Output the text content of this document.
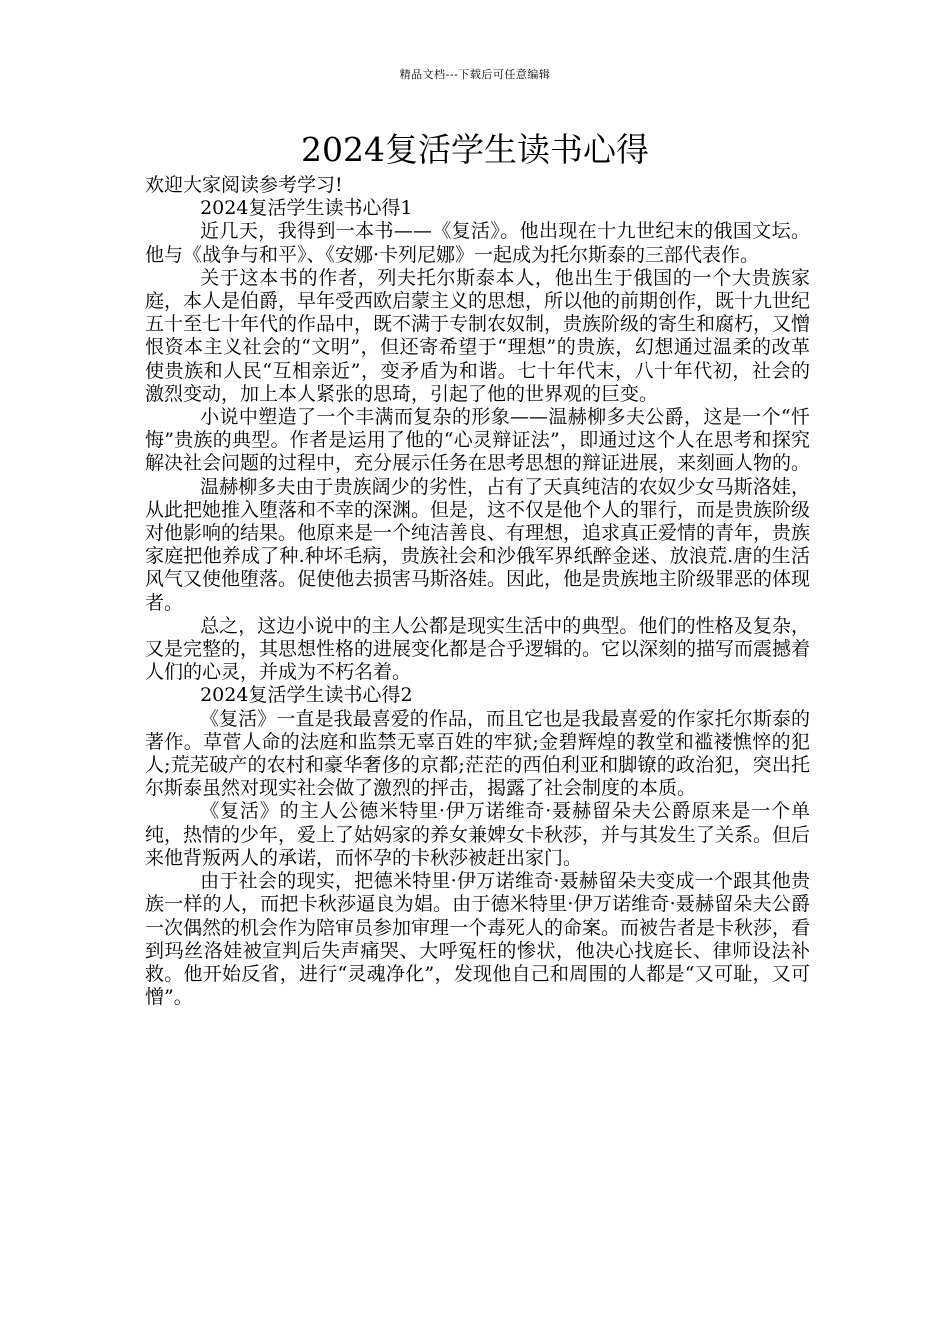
精品文档---下载后可任意编辑
2024复活学生读书心得

欢迎大家阅读参考学习!

2024复活学生读书心得1

近几天，我得到一本书——《复活》。他出现在十九世纪末的俄国文坛。他与《战争与和平》、《安娜·卡列尼娜》一起成为托尔斯泰的三部代表作。

关于这本书的作者，列夫托尔斯泰本人，他出生于俄国的一个大贵族家庭，本人是伯爵，早年受西欧启蒙主义的思想，所以他的前期创作，既十九世纪五十至七十年代的作品中，既不满于专制农奴制，贵族阶级的寄生和腐朽，又憎恨资本主义社会的“文明”，但还寄希望于“理想”的贵族，幻想通过温柔的改革使贵族和人民“互相亲近”，变矛盾为和谐。七十年代末，八十年代初，社会的激烈变动，加上本人紧张的思琦，引起了他的世界观的巨变。

小说中塑造了一个丰满而复杂的形象——温赫柳多夫公爵，这是一个“忏悔”贵族的典型。作者是运用了他的“心灵辩证法”，即通过这个人在思考和探究解决社会问题的过程中，充分展示任务在思考思想的辩证进展，来刻画人物的。

温赫柳多夫由于贵族阔少的劣性，占有了天真纯洁的农奴少女马斯洛娃，从此把她推入堕落和不幸的深渊。但是，这不仅是他个人的罪行，而是贵族阶级对他影响的结果。他原来是一个纯洁善良、有理想，追求真正爱情的青年，贵族家庭把他养成了种.种坏毛病，贵族社会和沙俄军界纸醉金迷、放浪荒.唐的生活风气又使他堕落。促使他去损害马斯洛娃。因此，他是贵族地主阶级罪恶的体现者。

总之，这边小说中的主人公都是现实生活中的典型。他们的性格及复杂，又是完整的，其思想性格的进展变化都是合乎逻辑的。它以深刻的描写而震撼着人们的心灵，并成为不朽名着。

2024复活学生读书心得2

《复活》一直是我最喜爱的作品，而且它也是我最喜爱的作家托尔斯泰的著作。草菅人命的法庭和监禁无辜百姓的牢狱;金碧辉煌的教堂和褴褛憔悴的犯人;荒芜破产的农村和豪华奢侈的京都;茫茫的西伯利亚和脚镣的政治犯，突出托尔斯泰虽然对现实社会做了激烈的抨击，揭露了社会制度的本质。

《复活》的主人公德米特里·伊万诺维奇·聂赫留朵夫公爵原来是一个单纯，热情的少年，爱上了姑妈家的养女兼婢女卡秋莎，并与其发生了关系。但后来他背叛两人的承诺，而怀孕的卡秋莎被赶出家门。

由于社会的现实，把德米特里·伊万诺维奇·聂赫留朵夫变成一个跟其他贵族一样的人，而把卡秋莎逼良为娼。由于德米特里·伊万诺维奇·聂赫留朵夫公爵一次偶然的机会作为陪审员参加审理一个毒死人的命案。而被告者是卡秋莎，看到玛丝洛娃被宣判后失声痛哭、大呼冤枉的惨状，他决心找庭长、律师设法补救。他开始反省，进行“灵魂净化”，发现他自己和周围的人都是“又可耻，又可憎”。
